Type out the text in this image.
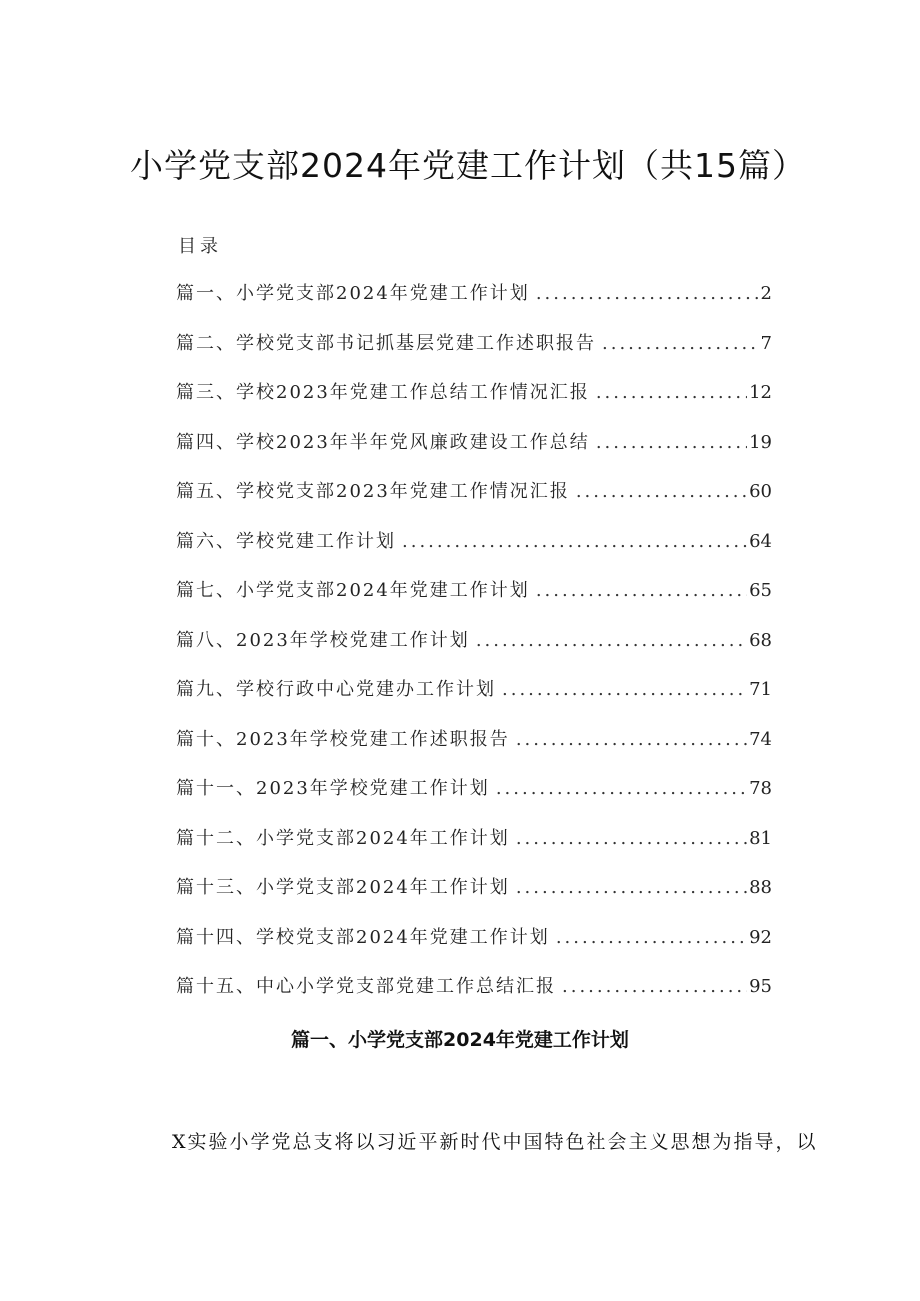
小学党支部2024年党建工作计划（共15篇）
目录
篇一、小学党支部2024年党建工作计划 .....	2
篇二、学校党支部书记抓基层党建工作述职报告 .....	7
篇三、学校2023年党建工作总结工作情况汇报 .....	12
篇四、学校2023年半年党风廉政建设工作总结 .....	19
篇五、学校党支部2023年党建工作情况汇报 .....	60
篇六、学校党建工作计划 .....	64
篇七、小学党支部2024年党建工作计划 .....	65
篇八、2023年学校党建工作计划 .....	68
篇九、学校行政中心党建办工作计划 .....	71
篇十、2023年学校党建工作述职报告 .....	74
篇十一、2023年学校党建工作计划 .....	78
篇十二、小学党支部2024年工作计划 .....	81
篇十三、小学党支部2024年工作计划 .....	88
篇十四、学校党支部2024年党建工作计划 .....	92
篇十五、中心小学党支部党建工作总结汇报 .....	95
篇一、小学党支部2024年党建工作计划
X实验小学党总支将以习近平新时代中国特色社会主义思想为指导，以
